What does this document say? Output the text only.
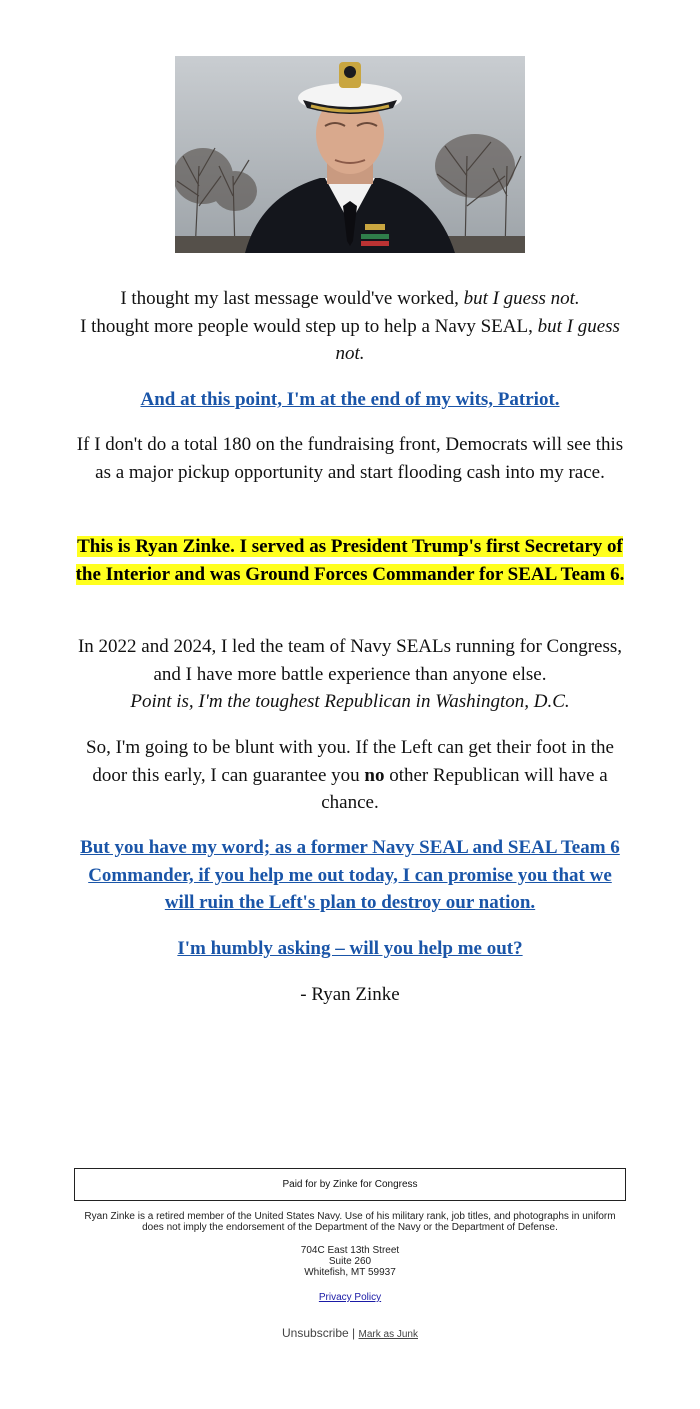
I thought my last message would've worked, but I guess not.
I thought more people would step up to help a Navy SEAL, but I guess not.

And at this point, I'm at the end of my wits, Patriot.

If I don't do a total 180 on the fundraising front, Democrats will see this as a major pickup opportunity and start flooding cash into my race.

This is Ryan Zinke. I served as President Trump's first Secretary of the Interior and was Ground Forces Commander for SEAL Team 6.

In 2022 and 2024, I led the team of Navy SEALs running for Congress, and I have more battle experience than anyone else.
Point is, I'm the toughest Republican in Washington, D.C.

So, I'm going to be blunt with you. If the Left can get their foot in the door this early, I can guarantee you no other Republican will have a chance.

But you have my word; as a former Navy SEAL and SEAL Team 6 Commander, if you help me out today, I can promise you that we will ruin the Left's plan to destroy our nation.

I'm humbly asking – will you help me out?

- Ryan Zinke

Paid for by Zinke for Congress

Ryan Zinke is a retired member of the United States Navy. Use of his military rank, job titles, and photographs in uniform does not imply the endorsement of the Department of the Navy or the Department of Defense.

704C East 13th Street
Suite 260
Whitefish, MT 59937

Privacy Policy

Unsubscribe | Mark as Junk
